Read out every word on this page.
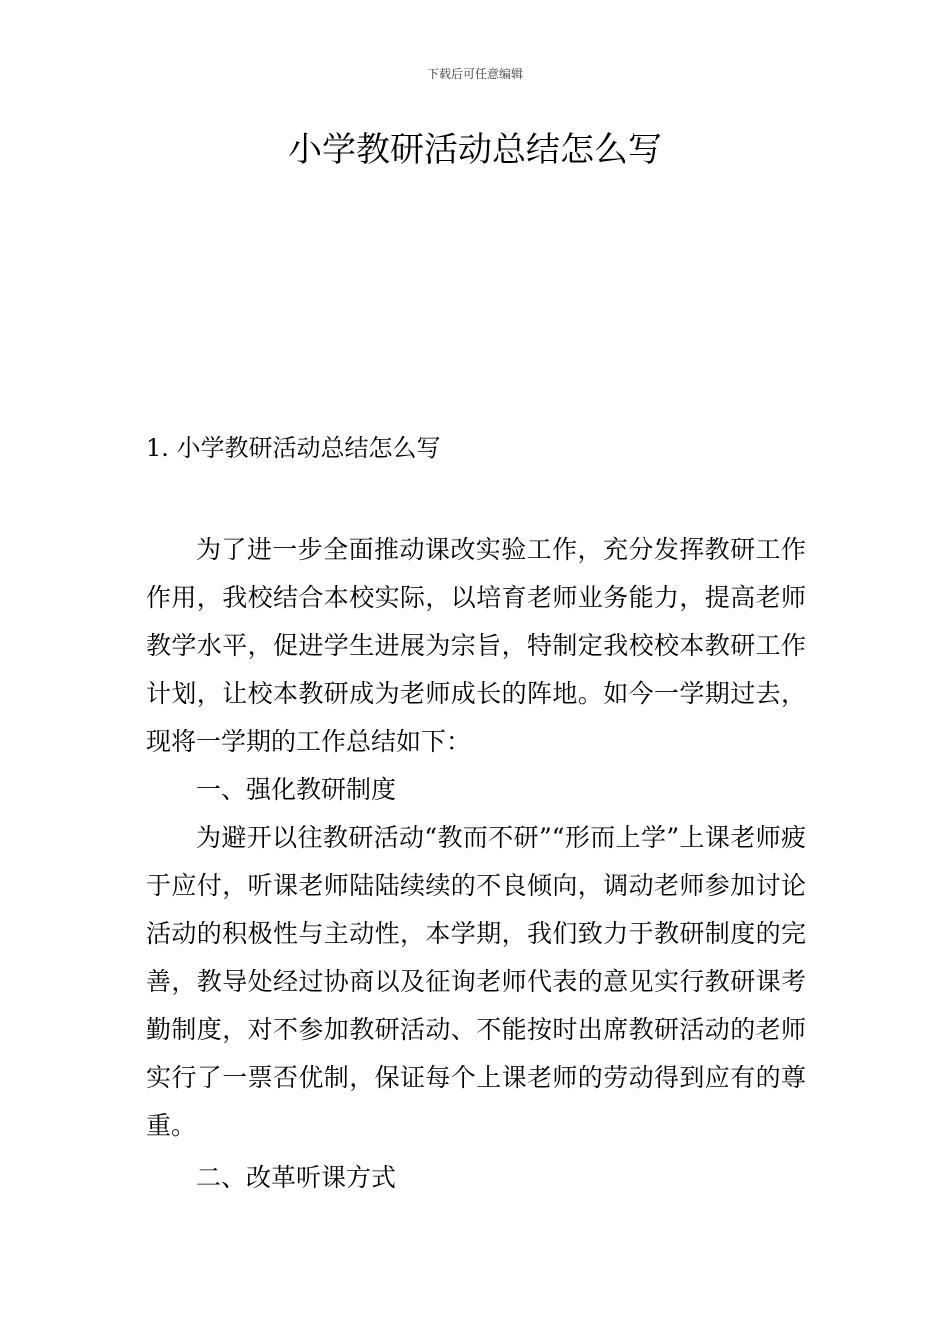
下载后可任意编辑
小学教研活动总结怎么写
1. 小学教研活动总结怎么写

为了进一步全面推动课改实验工作，充分发挥教研工作作用，我校结合本校实际，以培育老师业务能力，提高老师教学水平，促进学生进展为宗旨，特制定我校校本教研工作计划，让校本教研成为老师成长的阵地。如今一学期过去，现将一学期的工作总结如下：

一、强化教研制度

为避开以往教研活动“教而不研”“形而上学”上课老师疲于应付，听课老师陆陆续续的不良倾向，调动老师参加讨论活动的积极性与主动性，本学期，我们致力于教研制度的完善，教导处经过协商以及征询老师代表的意见实行教研课考勤制度，对不参加教研活动、不能按时出席教研活动的老师实行了一票否优制，保证每个上课老师的劳动得到应有的尊重。

二、改革听课方式
